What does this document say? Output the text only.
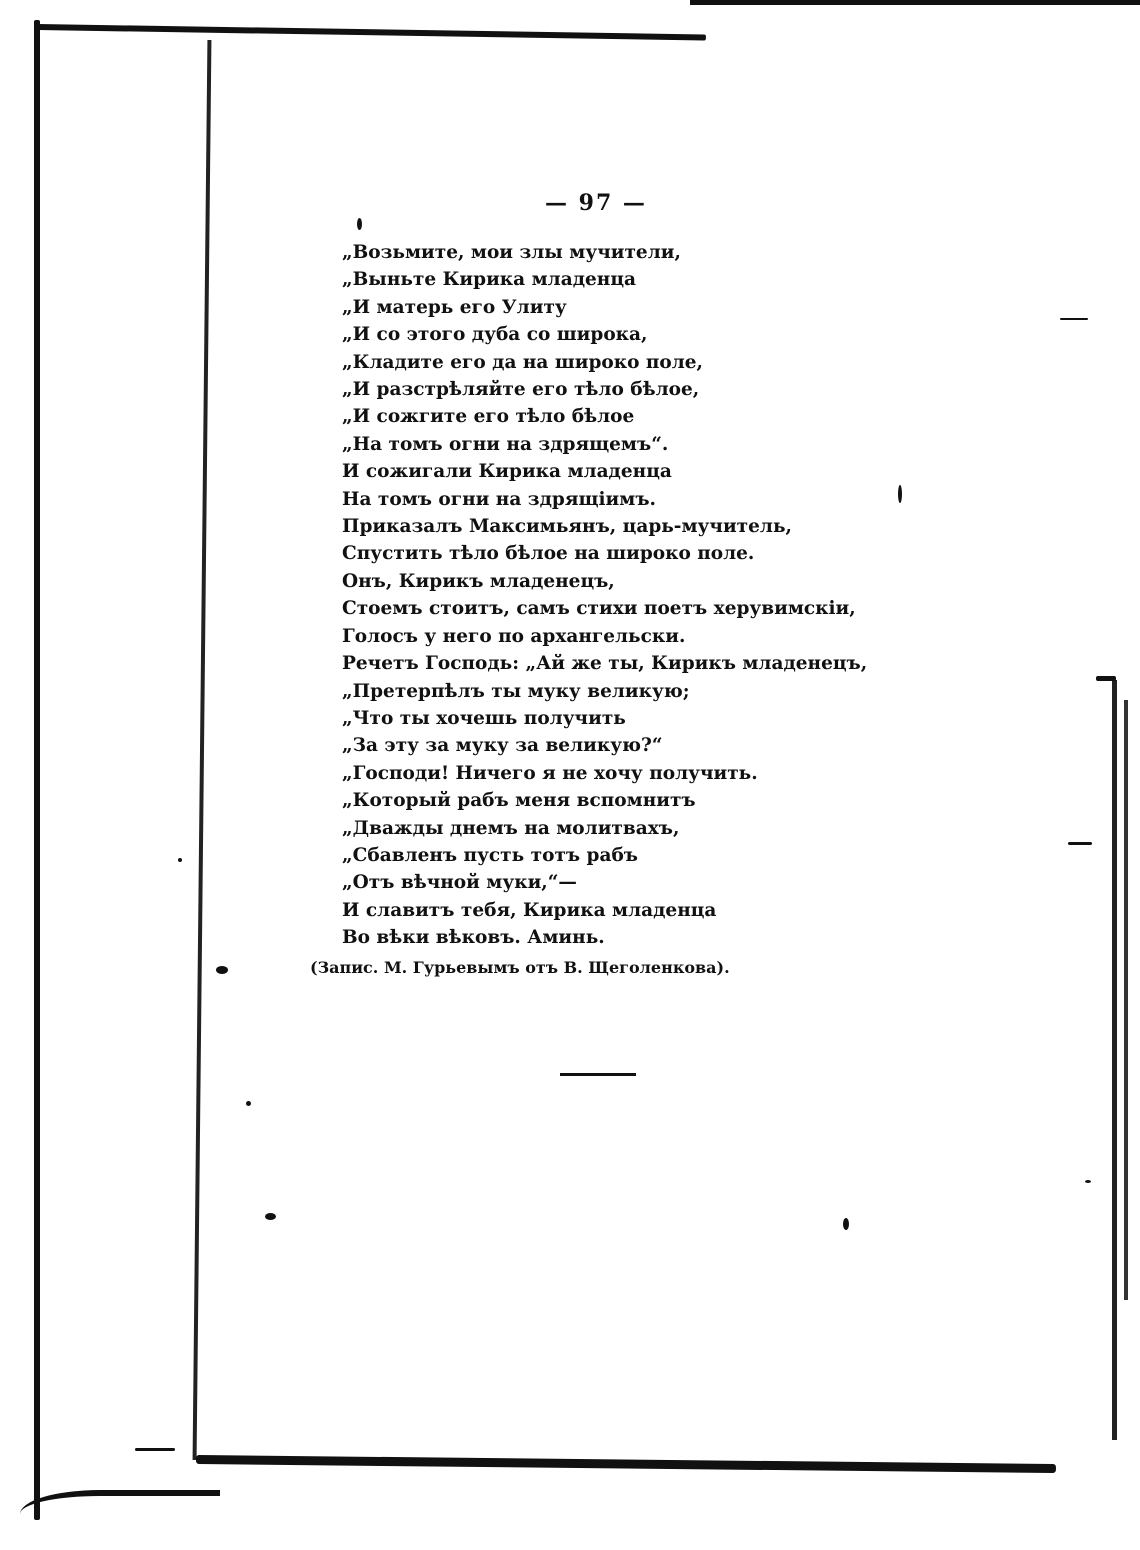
— 97 —
„Возьмите, мои злы мучители,
„Выньте Кирика младенца
„И матерь его Улиту
„И со этого дуба со широка,
„Кладите его да на широко поле,
„И разстрѣляйте его тѣло бѣлое,
„И сожгите его тѣло бѣлое
„На томъ огни на здрящемъ“.
И сожигали Кирика младенца
На томъ огни на здрящіимъ.
Приказалъ Максимьянъ, царь-мучитель,
Спустить тѣло бѣлое на широко поле.
Онъ, Кирикъ младенецъ,
Стоемъ стоитъ, самъ стихи поетъ херувимскіи,
Голосъ у него по архангельски.
Речетъ Господь: „Ай же ты, Кирикъ младенецъ,
„Претерпѣлъ ты муку великую;
„Что ты хочешь получить
„За эту за муку за великую?“
„Господи! Ничего я не хочу получить.
„Который рабъ меня вспомнитъ
„Дважды днемъ на молитвахъ,
„Сбавленъ пусть тотъ рабъ
„Отъ вѣчной муки,“—
И славитъ тебя, Кирика младенца
Во вѣки вѣковъ. Аминь.
(Запис. М. Гурьевымъ отъ В. Щеголенкова).
